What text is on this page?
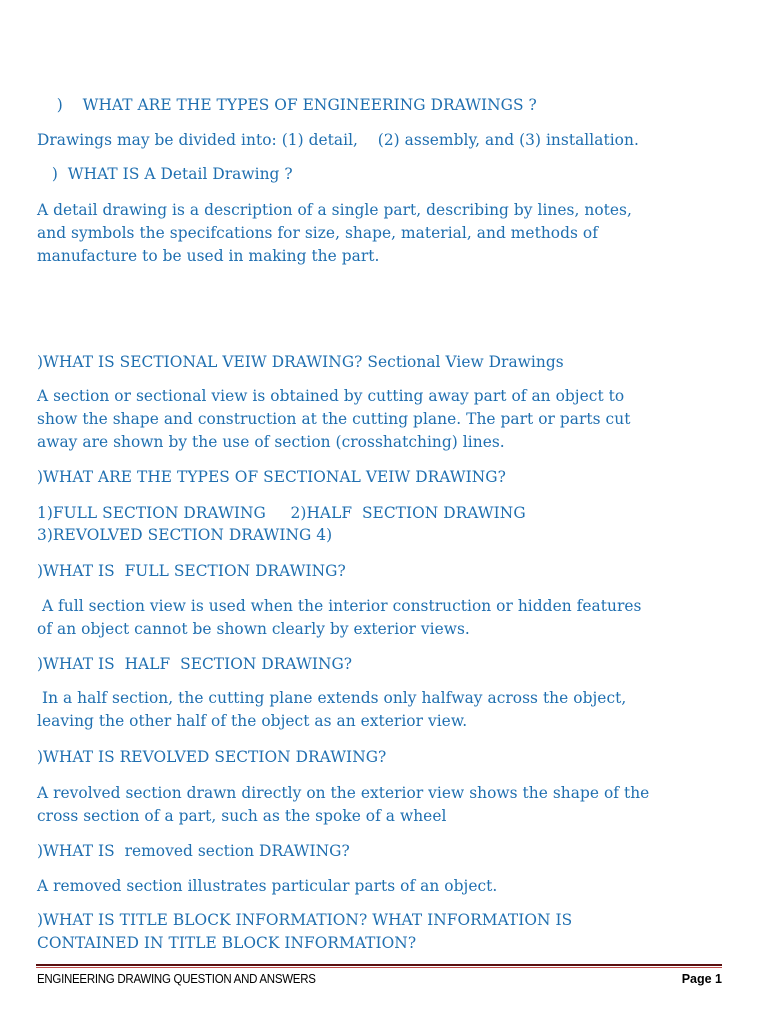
)    WHAT ARE THE TYPES OF ENGINEERING DRAWINGS ?
Drawings may be divided into: (1) detail,    (2) assembly, and (3) installation.
)  WHAT IS A Detail Drawing ?
A detail drawing is a description of a single part, describing by lines, notes,
and symbols the specifcations for size, shape, material, and methods of
manufacture to be used in making the part.
)WHAT IS SECTIONAL VEIW DRAWING? Sectional View Drawings
A section or sectional view is obtained by cutting away part of an object to
show the shape and construction at the cutting plane. The part or parts cut
away are shown by the use of section (crosshatching) lines.
)WHAT ARE THE TYPES OF SECTIONAL VEIW DRAWING?
1)FULL SECTION DRAWING     2)HALF  SECTION DRAWING
3)REVOLVED SECTION DRAWING 4)
)WHAT IS  FULL SECTION DRAWING?
A full section view is used when the interior construction or hidden features
of an object cannot be shown clearly by exterior views.
)WHAT IS  HALF  SECTION DRAWING?
In a half section, the cutting plane extends only halfway across the object,
leaving the other half of the object as an exterior view.
)WHAT IS REVOLVED SECTION DRAWING?
A revolved section drawn directly on the exterior view shows the shape of the
cross section of a part, such as the spoke of a wheel
)WHAT IS  removed section DRAWING?
A removed section illustrates particular parts of an object.
)WHAT IS TITLE BLOCK INFORMATION? WHAT INFORMATION IS
CONTAINED IN TITLE BLOCK INFORMATION?
ENGINEERING DRAWING QUESTION AND ANSWERS	Page 1
